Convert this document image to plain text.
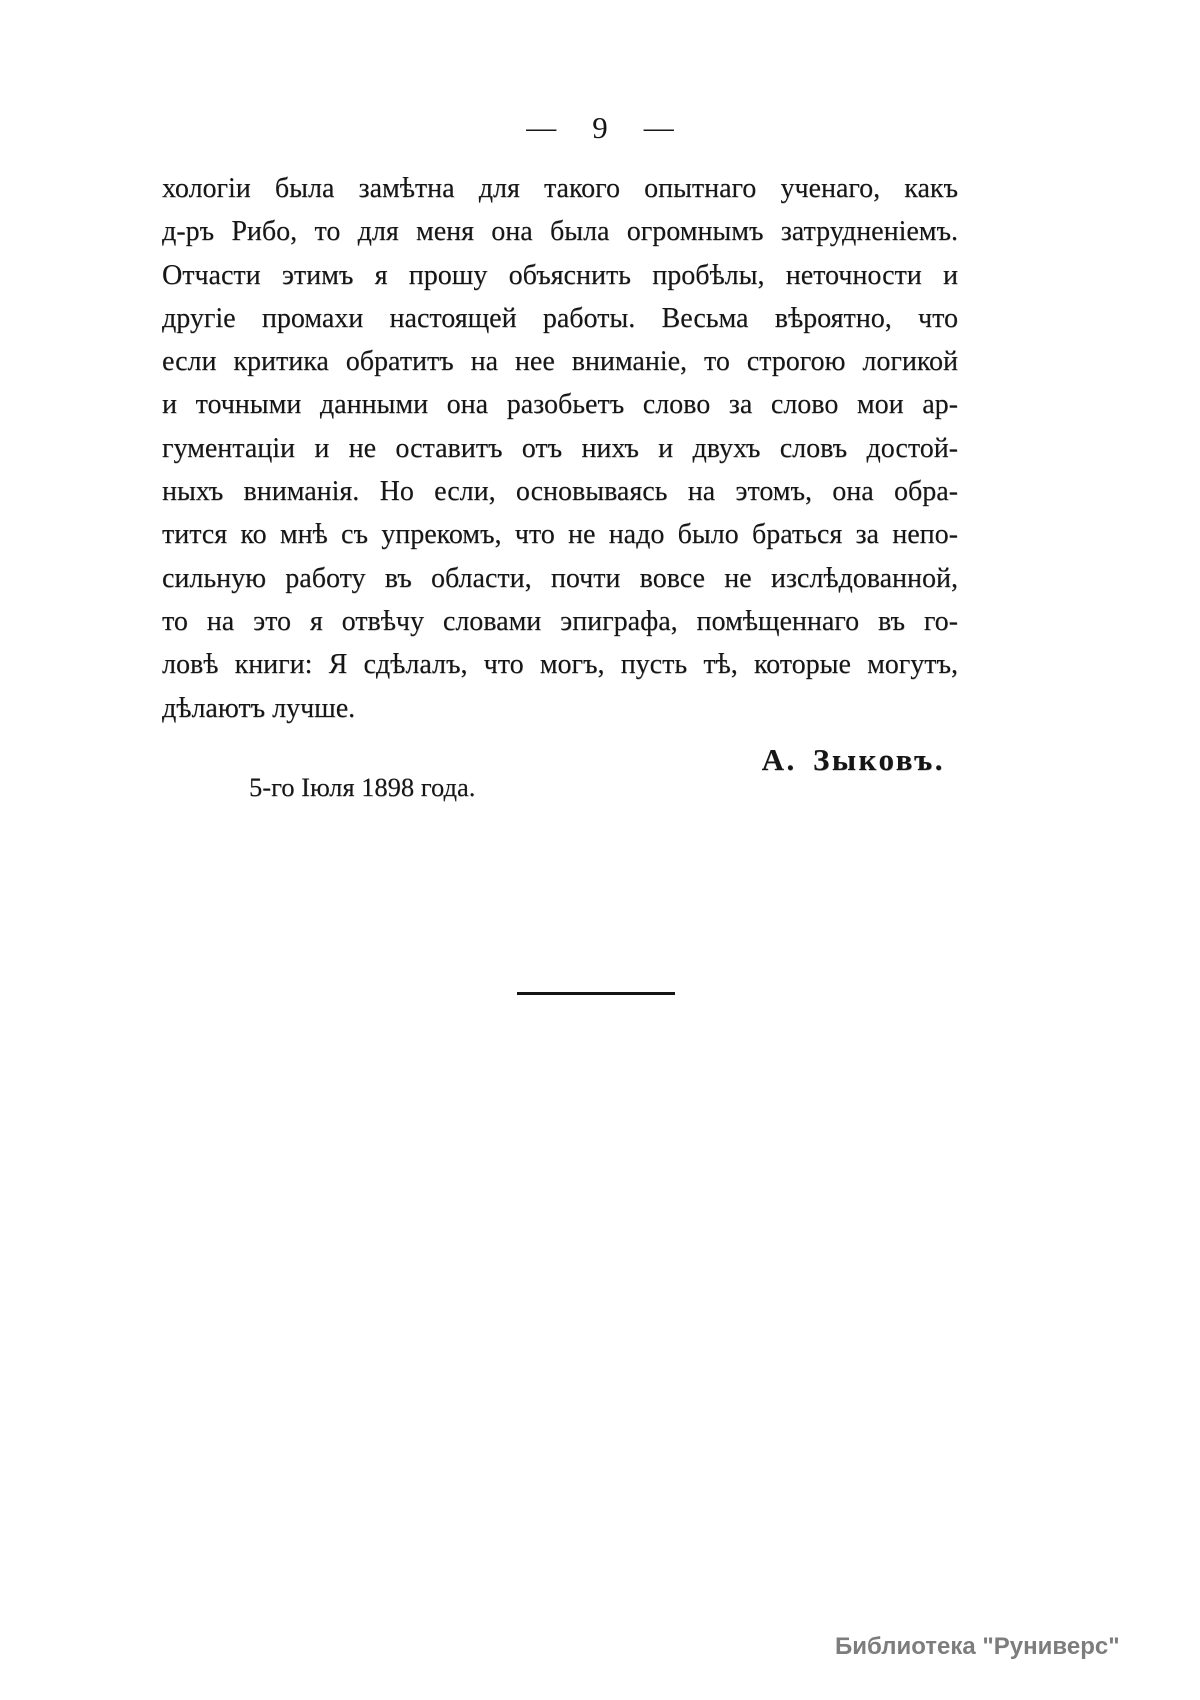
— 9 —
хологіи была замѣтна для такого опытнаго ученаго, какъ
д-ръ Рибо, то для меня она была огромнымъ затрудненіемъ.
Отчасти этимъ я прошу объяснить пробѣлы, неточности и
другіе промахи настоящей работы. Весьма вѣроятно, что
если критика обратитъ на нее вниманіе, то строгою логикой
и точными данными она разобьетъ слово за слово мои ар-
гументаціи и не оставитъ отъ нихъ и двухъ словъ достой-
ныхъ вниманія. Но если, основываясь на этомъ, она обра-
тится ко мнѣ съ упрекомъ, что не надо было браться за непо-
сильную работу въ области, почти вовсе не изслѣдованной,
то на это я отвѣчу словами эпиграфа, помѣщеннаго въ го-
ловѣ книги: Я сдѣлалъ, что могъ, пусть тѣ, которые могутъ,
дѣлаютъ лучше.
А. Зыковъ.
5-го Іюля 1898 года.
Библиотека "Руниверс"
